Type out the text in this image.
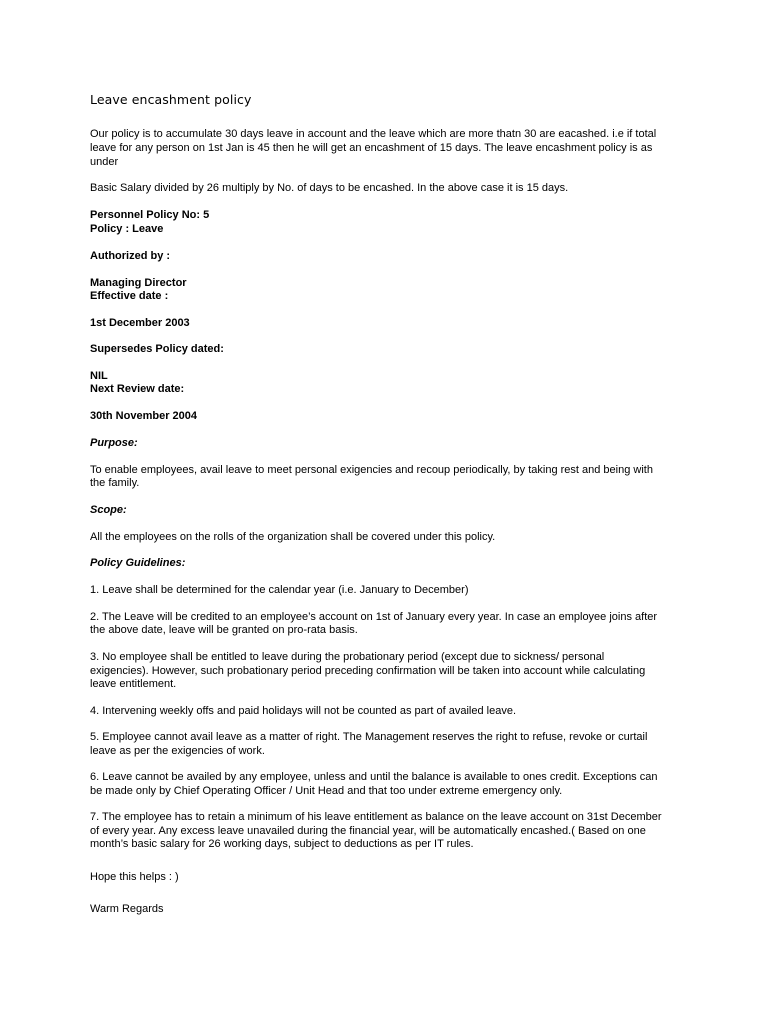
Leave encashment policy
Our policy is to accumulate 30 days leave in account and the leave which are more thatn 30 are eacashed. i.e if total
leave for any person on 1st Jan is 45 then he will get an encashment of 15 days. The leave encashment policy is as
under
Basic Salary divided by 26 multiply by No. of days to be encashed. In the above case it is 15 days.
Personnel Policy No: 5
Policy : Leave
Authorized by :
Managing Director
Effective date :
1st December 2003
Supersedes Policy dated:
NIL
Next Review date:
30th November 2004
Purpose:
To enable employees, avail leave to meet personal exigencies and recoup periodically, by taking rest and being with
the family.
Scope:
All the employees on the rolls of the organization shall be covered under this policy.
Policy Guidelines:
1. Leave shall be determined for the calendar year (i.e. January to December)
2. The Leave will be credited to an employee’s account on 1st of January every year. In case an employee joins after
the above date, leave will be granted on pro-rata basis.
3. No employee shall be entitled to leave during the probationary period (except due to sickness/ personal
exigencies). However, such probationary period preceding confirmation will be taken into account while calculating
leave entitlement.
4. Intervening weekly offs and paid holidays will not be counted as part of availed leave.
5. Employee cannot avail leave as a matter of right. The Management reserves the right to refuse, revoke or curtail
leave as per the exigencies of work.
6. Leave cannot be availed by any employee, unless and until the balance is available to ones credit. Exceptions can
be made only by Chief Operating Officer / Unit Head and that too under extreme emergency only.
7. The employee has to retain a minimum of his leave entitlement as balance on the leave account on 31st December
of every year. Any excess leave unavailed during the financial year, will be automatically encashed.( Based on one
month’s basic salary for 26 working days, subject to deductions as per IT rules.
Hope this helps : )
Warm Regards
